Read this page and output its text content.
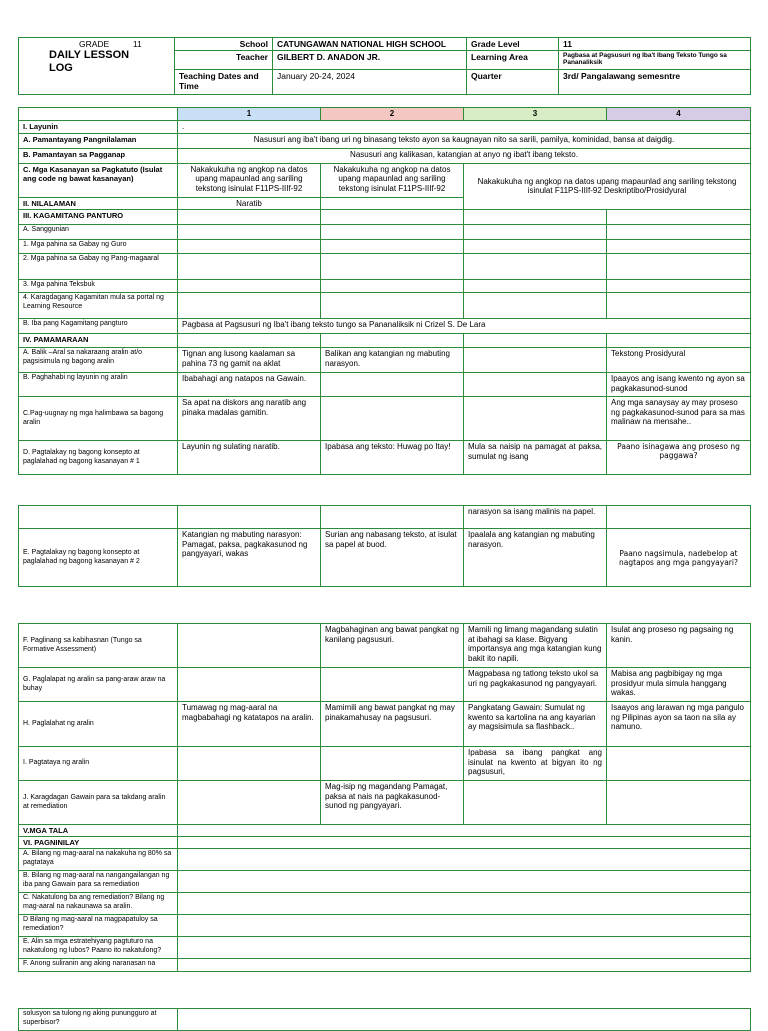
GRADE 11
DAILY LESSON
LOG	School	CATUNGAWAN NATIONAL HIGH SCHOOL	Grade Level	11
	Teacher	GILBERT D. ANADON JR.	Learning Area	Pagbasa at Pagsusuri ng Iba't Ibang Teksto Tungo sa Pananaliksik
	Teaching Dates and Time	January 20-24, 2024	Quarter	3rd/ Pangalawang semesntre
	1	2	3	4
I. Layunin	.			
A. Pamantayang Pangnilalaman	Nasusuri ang iba't ibang uri ng binasang teksto ayon sa kaugnayan nito sa sarili, pamilya, kominidad, bansa at daigdig.			
B. Pamantayan sa Pagganap	Nasusuri ang kalikasan, katangian at anyo ng ibat't ibang teksto.			
C. Mga Kasanayan sa Pagkatuto (Isulat ang code ng bawat kasanayan)	Nakakukuha ng angkop na datos upang mapaunlad ang sariling tekstong isinulat F11PS-IIIf-92	Nakakukuha ng angkop na datos upang mapaunlad ang sariling tekstong isinulat F11PS-IIIf-92	Nakakukuha ng angkop na datos upang mapaunlad ang sariling tekstong isinulat F11PS-IIIf-92 Deskriptibo/Prosidyural	
II. NILALAMAN	Naratib			
III. KAGAMITANG PANTURO				
A. Sanggunian				
1. Mga pahina sa Gabay ng Guro				
2. Mga pahina sa Gabay ng Pang-magaaral				
3. Mga pahina Teksbuk				
4. Karagdagang Kagamitan mula sa portal ng Learning Resource				
B. Iba pang Kagamitang pangturo	Pagbasa at Pagsusuri ng Iba't ibang teksto tungo sa Pananaliksik ni Crizel S. De Lara			
IV. PAMAMARAAN				
A. Balik –Aral sa nakaraang aralin at/o pagsisimula ng bagong aralin	Tignan ang lusong kaalaman sa pahina 73 ng gamit na aklat	Balikan ang katangian ng mabuting narasyon.		Tekstong Prosidyural
B. Paghahabi ng layunin ng aralin	Ibabahagi ang natapos na Gawain.			Ipaayos ang isang kwento ng ayon sa pagkakasunod-sunod
C.Pag-uugnay ng mga halimbawa sa bagong aralin	Sa apat na diskors ang naratib ang pinaka madalas gamitin.			Ang mga sanaysay ay may proseso ng pagkakasunod-sunod para sa mas malinaw na mensahe..
D. Pagtalakay ng bagong konsepto at paglalahad ng bagong kasanayan # 1	Layunin ng sulating naratib.	Ipabasa ang teksto: Huwag po Itay!	Mula sa naisip na pamagat at paksa, sumulat ng isang	Paano isinagawa ang proseso ng paggawa?
			narasyon sa isang malinis na papel.	
E. Pagtalakay ng bagong konsepto at paglalahad ng bagong kasanayan # 2	Katangian ng mabuting narasyon: Pamagat, paksa, pagkakasunod ng pangyayari, wakas	Surian ang nabasang teksto, at isulat sa papel at buod.	Ipaalala ang katangian ng mabuting narasyon.	Paano nagsimula, nadebelop at nagtapos ang mga pangyayari?
F. Paglinang sa kabihasnan (Tungo sa Formative Assessment)		Magbahaginan ang bawat pangkat ng kanilang pagsusuri.	Mamili ng limang magandang sulatin at ibahagi sa klase. Bigyang importansya ang mga katangian kung bakit ito napili.	Isulat ang proseso ng pagsaing ng kanin.
G. Paglalapat ng aralin sa pang-araw araw na buhay			Magpabasa ng tatlong teksto ukol sa uri ng pagkakasunod ng pangyayari.	Mabisa ang pagbibigay ng mga prosidyur mula simula hanggang wakas.
H. Paglalahat ng aralin	Tumawag ng mag-aaral na magbabahagi ng katatapos na aralin.	Mamimili ang bawat pangkat ng may pinakamahusay na pagsusuri.	Pangkatang Gawain: Sumulat ng kwento sa kartolina na ang kayarian ay magsisimula sa flashback..	Isaayos ang larawan ng mga pangulo ng Pilipinas ayon sa taon na sila ay namuno.
I. Pagtataya ng aralin			Ipabasa sa ibang pangkat ang isinulat na kwento at bigyan ito ng pagsusuri,	
J. Karagdagan Gawain para sa takdang aralin at remediation		Mag-isip ng magandang Pamagat, paksa at nais na pagkakasunod-sunod ng pangyayari.		
V.MGA TALA				
VI. PAGNINILAY				
A. Bilang ng mag-aaral na nakakuha ng 80% sa pagtataya				
B. Bilang ng mag-aaral na nangangailangan ng iba pang Gawain para sa remediation				
C. Nakatulong ba ang remediation? Bilang ng mag-aaral na nakaunawa sa aralin.				
D Bilang ng mag-aaral na magpapatuloy sa remediation?				
E. Alin sa mga estratehiyang pagtuturo na nakatulong ng lubos? Paano ito nakatulong?				
F. Anong suliranin ang aking naranasan na				
solusyon sa tulong ng aking punungguro at superbisor?	
